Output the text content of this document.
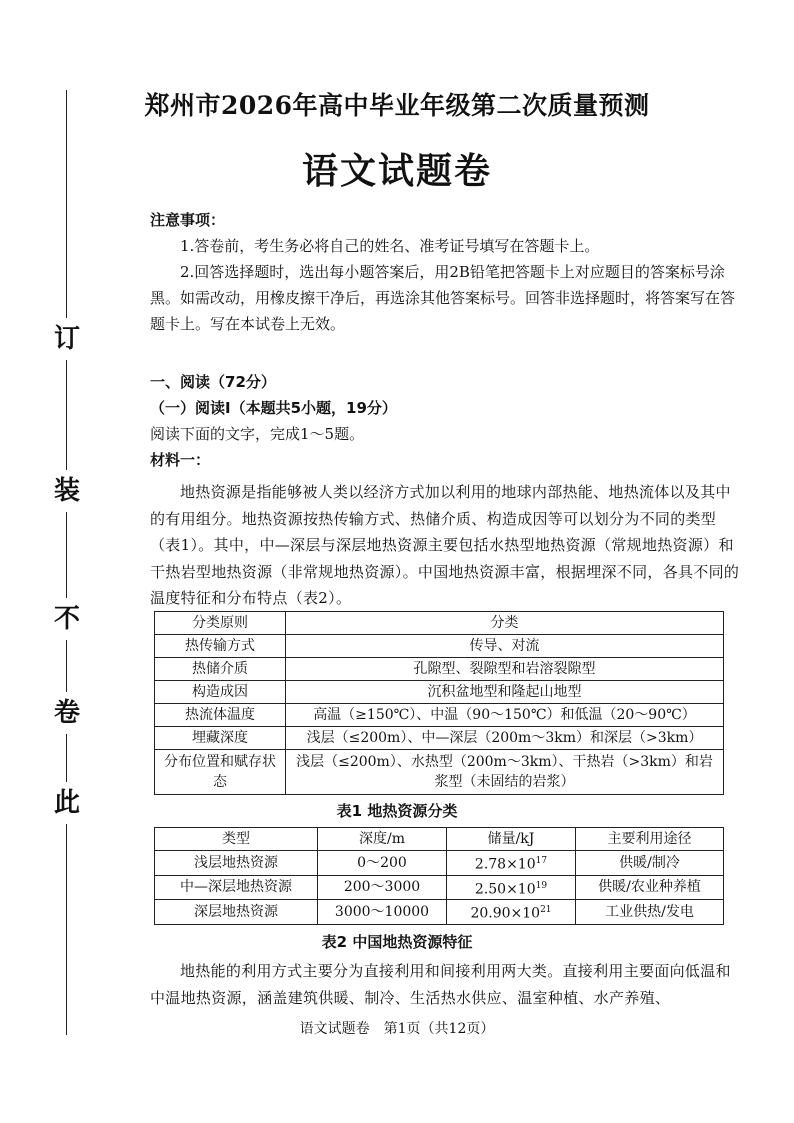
订
装
不
卷
此
郑州市2026年高中毕业年级第二次质量预测
语文试题卷
注意事项：
1.答卷前，考生务必将自己的姓名、准考证号填写在答题卡上。
2.回答选择题时，选出每小题答案后，用2B铅笔把答题卡上对应题目的答案标号涂黑。如需改动，用橡皮擦干净后，再选涂其他答案标号。回答非选择题时，将答案写在答题卡上。写在本试卷上无效。
一、阅读（72分）
（一）阅读Ⅰ（本题共5小题，19分）
阅读下面的文字，完成1～5题。
材料一：
地热资源是指能够被人类以经济方式加以利用的地球内部热能、地热流体以及其中的有用组分。地热资源按热传输方式、热储介质、构造成因等可以划分为不同的类型（表1）。其中，中—深层与深层地热资源主要包括水热型地热资源（常规地热资源）和干热岩型地热资源（非常规地热资源）。中国地热资源丰富，根据埋深不同，各具不同的温度特征和分布特点（表2）。
分类原则	分类
热传输方式	传导、对流
热储介质	孔隙型、裂隙型和岩溶裂隙型
构造成因	沉积盆地型和隆起山地型
热流体温度	高温（≥150℃）、中温（90～150℃）和低温（20～90℃）
埋藏深度	浅层（≤200m）、中—深层（200m～3km）和深层（>3km）
分布位置和赋存状态	浅层（≤200m）、水热型（200m～3km）、干热岩（>3km）和岩浆型（未固结的岩浆）
表1 地热资源分类
类型	深度/m	储量/kJ	主要利用途径
浅层地热资源	0～200	$2.78\times 10^{17}$	供暖/制冷
中—深层地热资源	200～3000	$2.50\times 10^{19}$	供暖/农业种养植
深层地热资源	3000～10000	$20.90\times 10^{21}$	工业供热/发电
表2 中国地热资源特征
地热能的利用方式主要分为直接利用和间接利用两大类。直接利用主要面向低温和中温地热资源，涵盖建筑供暖、制冷、生活热水供应、温室种植、水产养殖、
语文试题卷　第1页（共12页）
